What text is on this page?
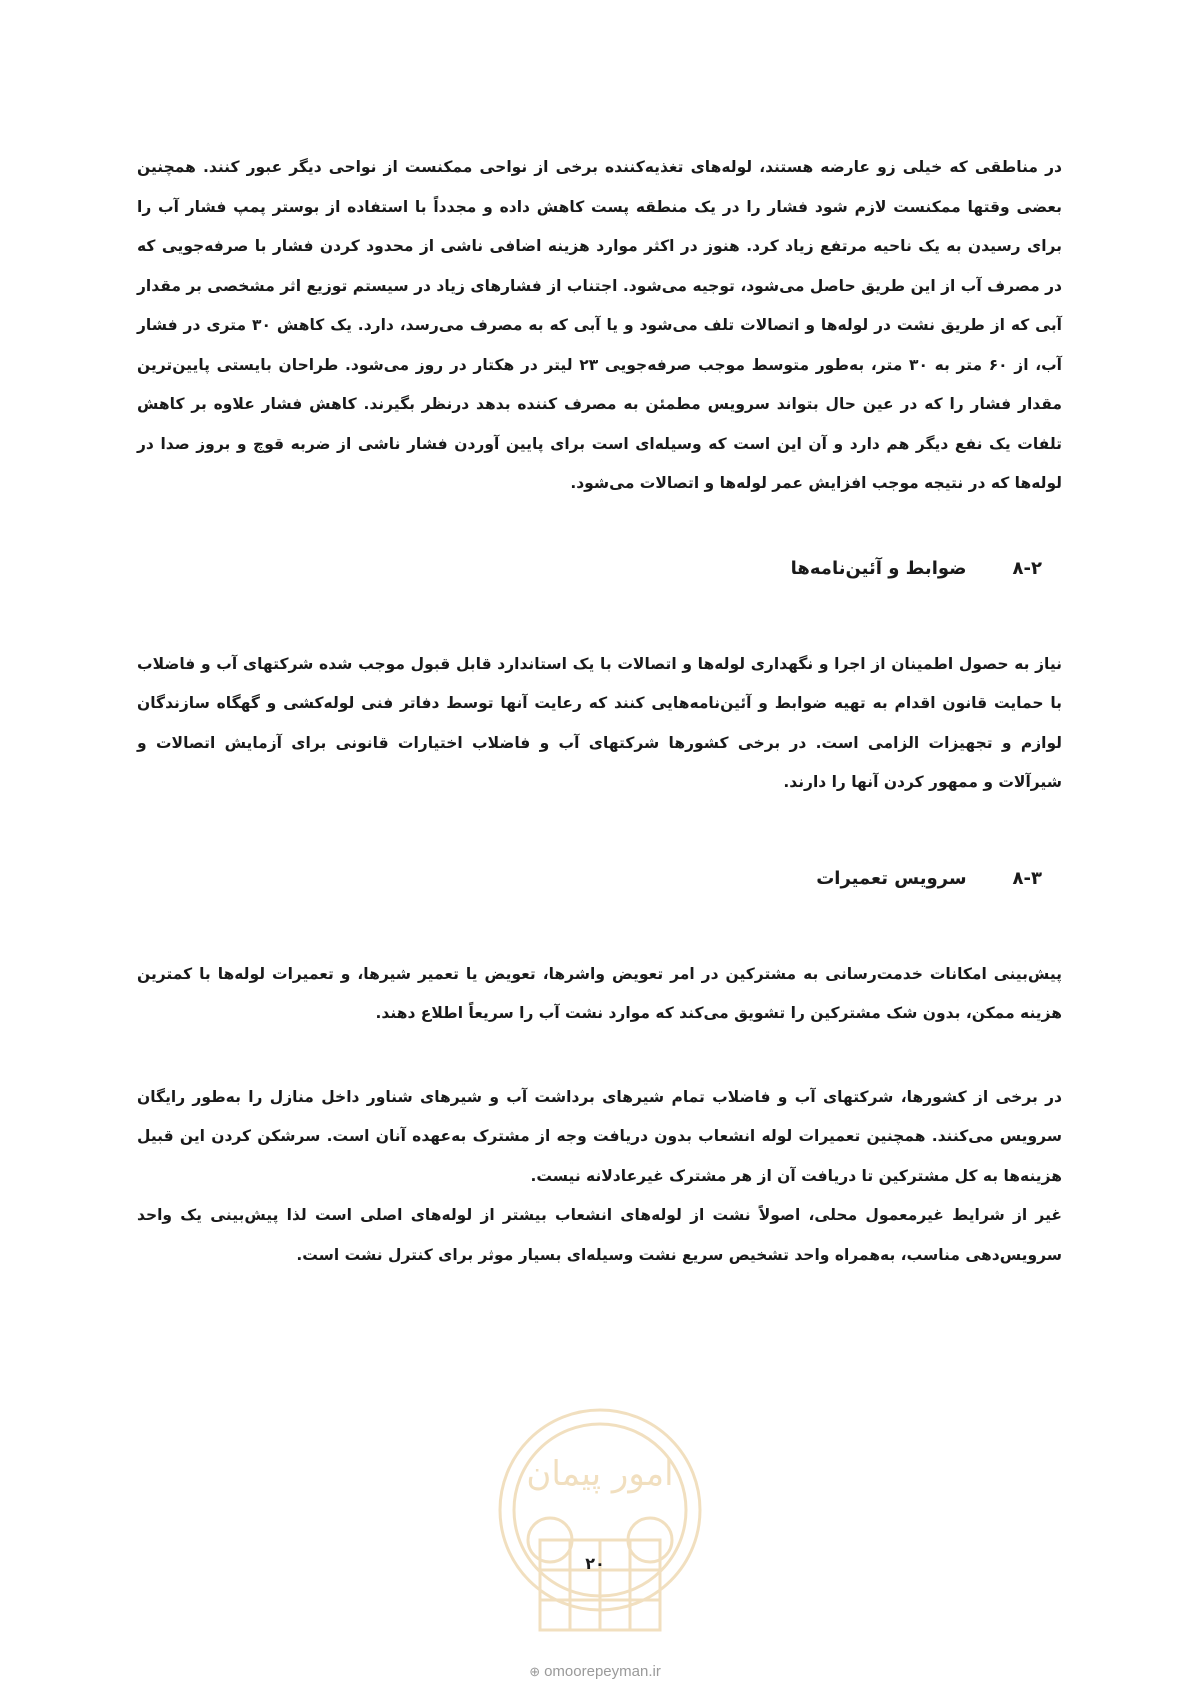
در مناطقی که خیلی زو عارضه هستند، لوله‌های تغذیه‌کننده برخی از نواحی ممکنست از نواحی دیگر عبور کنند. همچنین بعضی وقتها ممکنست لازم شود فشار را در یک منطقه پست کاهش داده و مجدداً با استفاده از بوستر پمپ فشار آب را برای رسیدن به یک ناحیه مرتفع زیاد کرد. هنوز در اکثر موارد هزینه اضافی ناشی از محدود کردن فشار با صرفه‌جویی که در مصرف آب از این طریق حاصل می‌شود، توجیه می‌شود. اجتناب از فشارهای زیاد در سیستم توزیع اثر مشخصی بر مقدار آبی که از طریق نشت در لوله‌ها و اتصالات تلف می‌شود و یا آبی که به مصرف می‌رسد، دارد. یک کاهش ۳۰ متری در فشار آب، از ۶۰ متر به ۳۰ متر، به‌طور متوسط موجب صرفه‌جویی ۲۳ لیتر در هکتار در روز می‌شود. طراحان بایستی پایین‌ترین مقدار فشار را که در عین حال بتواند سرویس مطمئن به مصرف کننده بدهد درنظر بگیرند. کاهش فشار علاوه بر کاهش تلفات یک نفع دیگر هم دارد و آن این است که وسیله‌ای است برای پایین آوردن فشار ناشی از ضربه قوچ و بروز صدا در لوله‌ها که در نتیجه موجب افزایش عمر لوله‌ها و اتصالات می‌شود.

۸-۲ضوابط و آئین‌نامه‌ها

نیاز به حصول اطمینان از اجرا و نگهداری لوله‌ها و اتصالات با یک استاندارد قابل قبول موجب شده شرکتهای آب و فاضلاب با حمایت قانون اقدام به تهیه ضوابط و آئین‌نامه‌هایی کنند که رعایت آنها توسط دفاتر فنی لوله‌کشی و گهگاه سازندگان لوازم و تجهیزات الزامی است. در برخی کشورها شرکتهای آب و فاضلاب اختیارات قانونی برای آزمایش اتصالات و شیرآلات و ممهور کردن آنها را دارند.

۸-۳سرویس تعمیرات

پیش‌بینی امکانات خدمت‌رسانی به مشترکین در امر تعویض واشرها، تعویض یا تعمیر شیرها، و تعمیرات لوله‌ها با کمترین هزینه ممکن، بدون شک مشترکین را تشویق می‌کند که موارد نشت آب را سریعاً اطلاع دهند.

در برخی از کشورها، شرکتهای آب و فاضلاب تمام شیرهای برداشت آب و شیرهای شناور داخل منازل را به‌طور رایگان سرویس می‌کنند. همچنین تعمیرات لوله انشعاب بدون دریافت وجه از مشترک به‌عهده آنان است. سرشکن کردن این قبیل هزینه‌ها به کل مشترکین تا دریافت آن از هر مشترک غیرعادلانه نیست.

غیر از شرایط غیرمعمول محلی، اصولاً نشت از لوله‌های انشعاب بیشتر از لوله‌های اصلی است لذا پیش‌بینی یک واحد سرویس‌دهی مناسب، به‌همراه واحد تشخیص سریع نشت وسیله‌ای بسیار موثر برای کنترل نشت است.

امور پیمان
۲۰
⊕ omoorepeyman.ir
